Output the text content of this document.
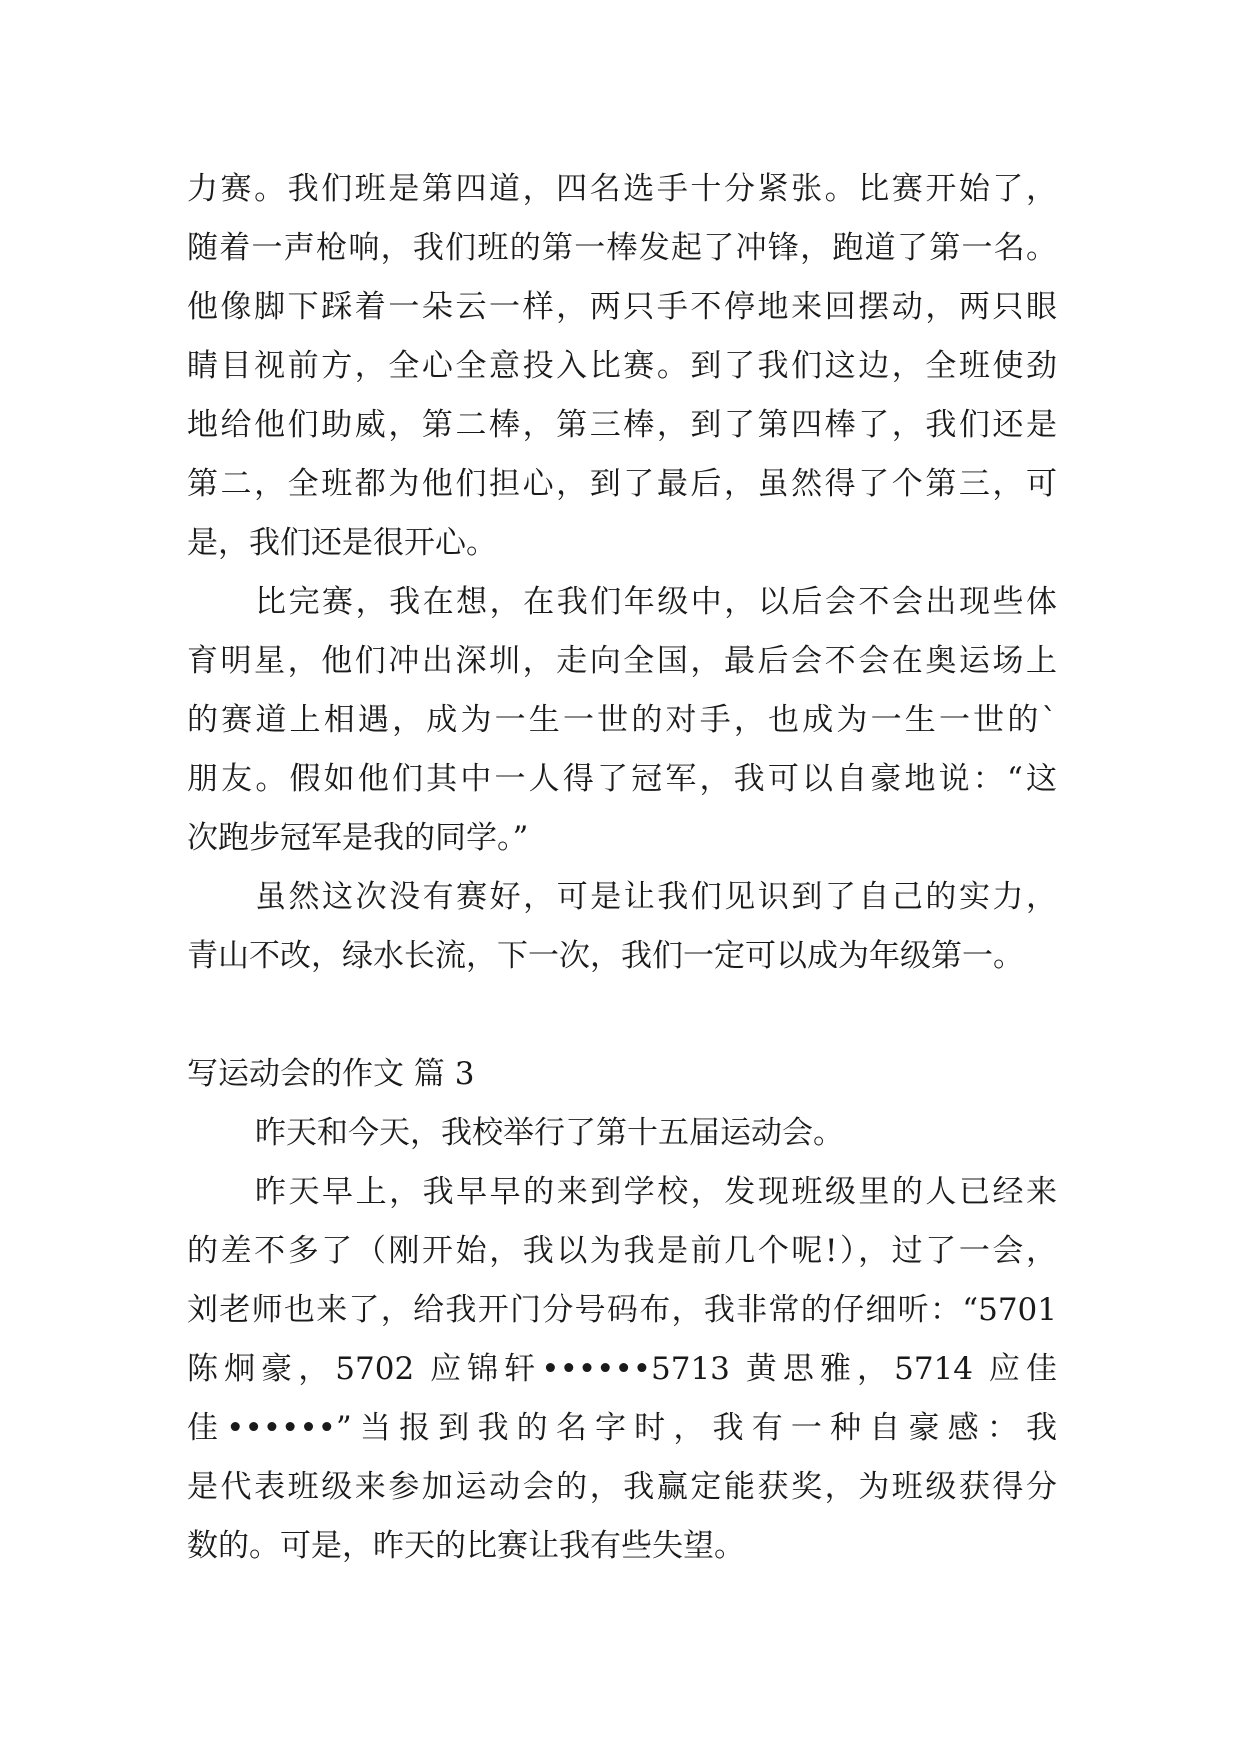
力赛。我们班是第四道，四名选手十分紧张。比赛开始了，
随着一声枪响，我们班的第一棒发起了冲锋，跑道了第一名。
他像脚下踩着一朵云一样，两只手不停地来回摆动，两只眼
睛目视前方，全心全意投入比赛。到了我们这边，全班使劲
地给他们助威，第二棒，第三棒，到了第四棒了，我们还是
第二，全班都为他们担心，到了最后，虽然得了个第三，可
是，我们还是很开心。
比完赛，我在想，在我们年级中，以后会不会出现些体
育明星，他们冲出深圳，走向全国，最后会不会在奥运场上
的赛道上相遇，成为一生一世的对手，也成为一生一世的`
朋友。假如他们其中一人得了冠军，我可以自豪地说：“这
次跑步冠军是我的同学。”
虽然这次没有赛好，可是让我们见识到了自己的实力，
青山不改，绿水长流，下一次，我们一定可以成为年级第一。
写运动会的作文 篇 3
昨天和今天，我校举行了第十五届运动会。
昨天早上，我早早的来到学校，发现班级里的人已经来
的差不多了（刚开始，我以为我是前几个呢!），过了一会，
刘老师也来了，给我开门分号码布，我非常的仔细听：“5701
陈炯豪，5702 应锦轩••••••5713 黄思雅，5714 应佳
佳••••••”当报到我的名字时，我有一种自豪感：我
是代表班级来参加运动会的，我赢定能获奖，为班级获得分
数的。可是，昨天的比赛让我有些失望。
